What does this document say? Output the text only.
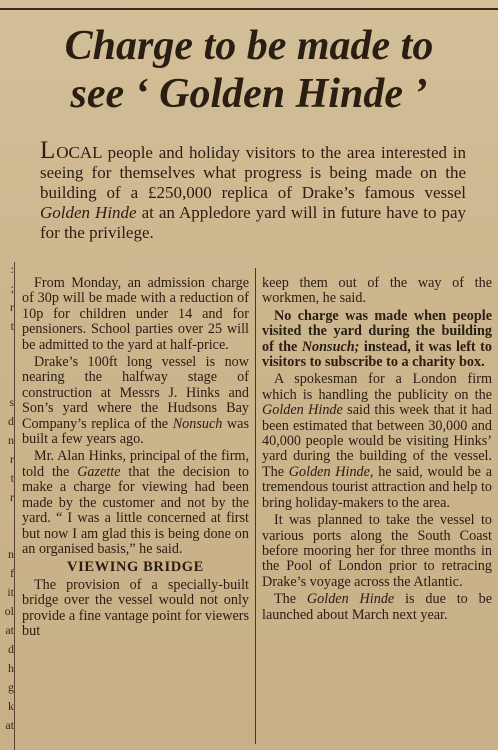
:
;
r
t
s
d
n
r
t
r
n
f
it
ol
at
d
h
g
k
at
Charge to be made to
see ‘ Golden Hinde ’

LOCAL people and holiday visitors to the area interested in seeing for themselves what progress is being made on the building of a £250,000 replica of Drake’s famous vessel Golden Hinde at an Appledore yard will in future have to pay for the privilege.

From Monday, an admission charge of 30p will be made with a reduction of 10p for children under 14 and for pensioners. School parties over 25 will be admitted to the yard at half-price.

Drake’s 100ft long vessel is now nearing the halfway stage of construction at Messrs J. Hinks and Son’s yard where the Hudsons Bay Company’s replica of the Nonsuch was built a few years ago.

Mr. Alan Hinks, principal of the firm, told the Gazette that the decision to make a charge for viewing had been made by the customer and not by the yard. “ I was a little concerned at first but now I am glad this is being done on an organised basis,” he said.

VIEWING BRIDGE

The provision of a specially-built bridge over the vessel would not only provide a fine vantage point for viewers but

keep them out of the way of the workmen, he said.

No charge was made when people visited the yard during the building of the Nonsuch; instead, it was left to visitors to subscribe to a charity box.

A spokesman for a London firm which is handling the publicity on the Golden Hinde said this week that it had been estimated that between 30,000 and 40,000 people would be visiting Hinks’ yard during the building of the vessel. The Golden Hinde, he said, would be a tremendous tourist attraction and help to bring holiday-makers to the area.

It was planned to take the vessel to various ports along the South Coast before mooring her for three months in the Pool of London prior to retracing Drake’s voyage across the Atlantic.

The Golden Hinde is due to be launched about March next year.
